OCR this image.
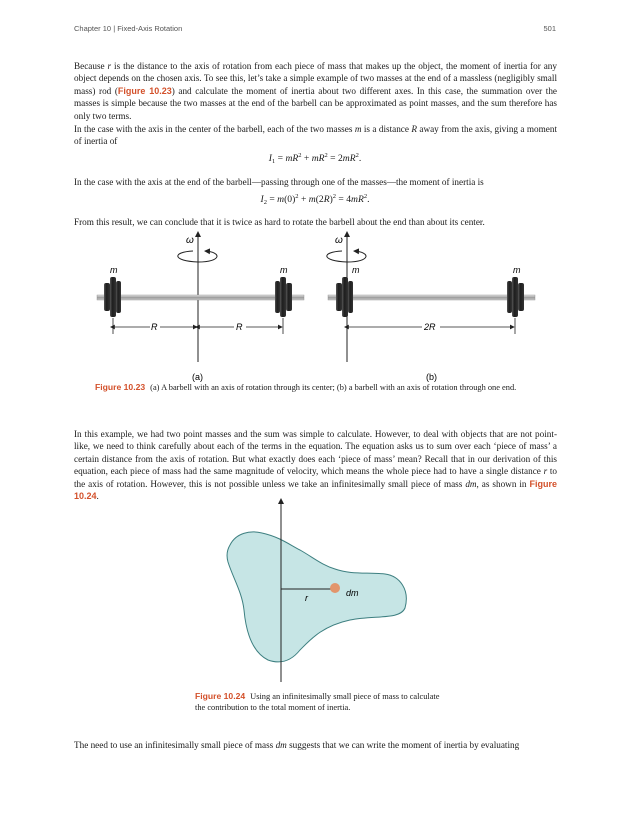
Chapter 10 | Fixed-Axis Rotation	501
Because r is the distance to the axis of rotation from each piece of mass that makes up the object, the moment of inertia for any object depends on the chosen axis. To see this, let’s take a simple example of two masses at the end of a massless (negligibly small mass) rod (Figure 10.23) and calculate the moment of inertia about two different axes. In this case, the summation over the masses is simple because the two masses at the end of the barbell can be approximated as point masses, and the sum therefore has only two terms.
In the case with the axis in the center of the barbell, each of the two masses m is a distance R away from the axis, giving a moment of inertia of
$I_1 = mR^2 + mR^2 = 2mR^2$.
In the case with the axis at the end of the barbell—passing through one of the masses—the moment of inertia is
$I_2 = m(0)^2 + m(2R)^2 = 4mR^2$.
From this result, we can conclude that it is twice as hard to rotate the barbell about the end than about its center.
ω
m	m
R	R
(a)
ω
m	m
2R
(b)
Figure 10.23 (a) A barbell with an axis of rotation through its center; (b) a barbell with an axis of rotation through one end.
In this example, we had two point masses and the sum was simple to calculate. However, to deal with objects that are not point-like, we need to think carefully about each of the terms in the equation. The equation asks us to sum over each ‘piece of mass’ a certain distance from the axis of rotation. But what exactly does each ‘piece of mass’ mean? Recall that in our derivation of this equation, each piece of mass had the same magnitude of velocity, which means the whole piece had to have a single distance r to the axis of rotation. However, this is not possible unless we take an infinitesimally small piece of mass dm, as shown in Figure 10.24.
r	dm
Figure 10.24 Using an infinitesimally small piece of mass to calculate the contribution to the total moment of inertia.
The need to use an infinitesimally small piece of mass dm suggests that we can write the moment of inertia by evaluating
